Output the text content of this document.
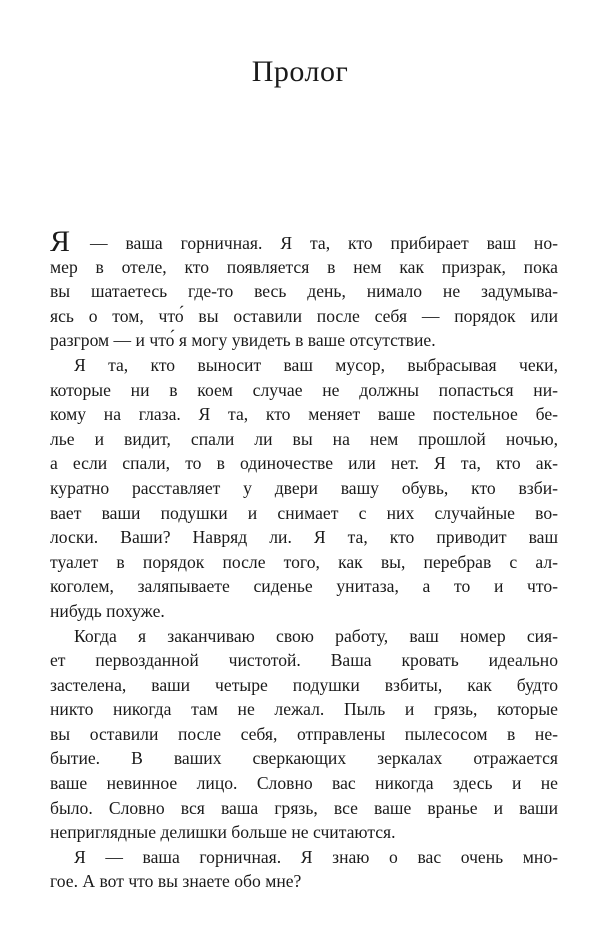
Пролог
Я — ваша горничная. Я та, кто прибирает ваш но-
мер в отеле, кто появляется в нем как призрак, пока
вы шатаетесь где-то весь день, нимало не задумыва-
ясь о том, что́ вы оставили после себя — порядок или
разгром — и что́ я могу увидеть в ваше отсутствие.
Я та, кто выносит ваш мусор, выбрасывая чеки,
которые ни в коем случае не должны попасться ни-
кому на глаза. Я та, кто меняет ваше постельное бе-
лье и видит, спали ли вы на нем прошлой ночью,
а если спали, то в одиночестве или нет. Я та, кто ак-
куратно расставляет у двери вашу обувь, кто взби-
вает ваши подушки и снимает с них случайные во-
лоски. Ваши? Навряд ли. Я та, кто приводит ваш
туалет в порядок после того, как вы, перебрав с ал-
коголем, заляпываете сиденье унитаза, а то и что-
нибудь похуже.
Когда я заканчиваю свою работу, ваш номер сия-
ет первозданной чистотой. Ваша кровать идеально
застелена, ваши четыре подушки взбиты, как будто
никто никогда там не лежал. Пыль и грязь, которые
вы оставили после себя, отправлены пылесосом в не-
бытие. В ваших сверкающих зеркалах отражается
ваше невинное лицо. Словно вас никогда здесь и не
было. Словно вся ваша грязь, все ваше вранье и ваши
неприглядные делишки больше не считаются.
Я — ваша горничная. Я знаю о вас очень мно-
гое. А вот что вы знаете обо мне?
